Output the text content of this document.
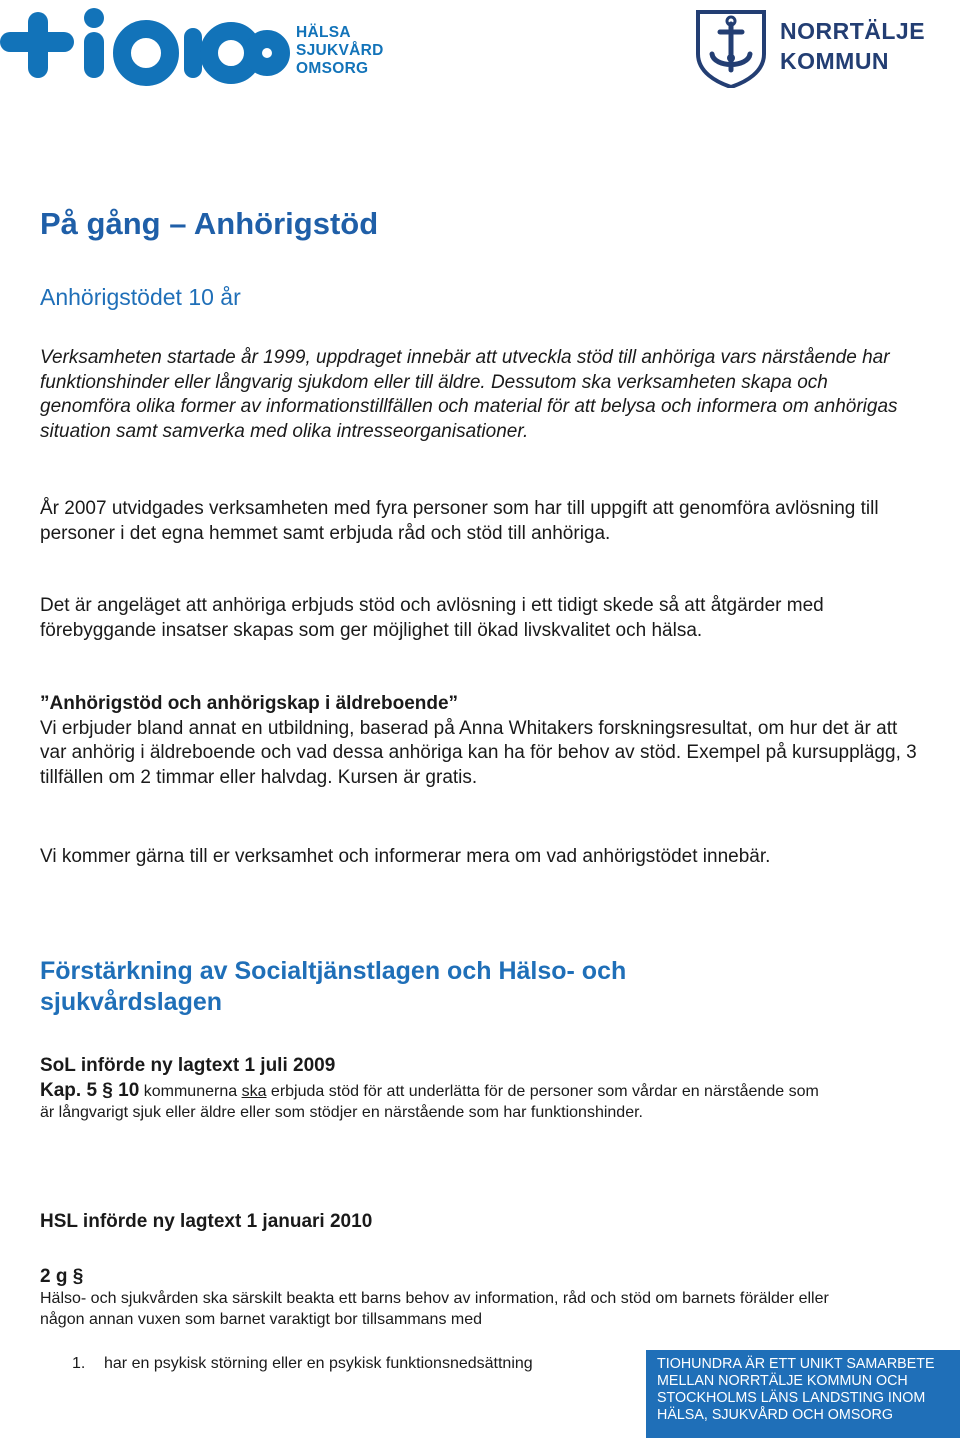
HÄLSA
SJUKVÅRD
OMSORG
NORRTÄLJE
KOMMUN
På gång – Anhörigstöd
Anhörigstödet 10 år

Verksamheten startade år 1999, uppdraget innebär att utveckla stöd till anhöriga vars närstående har funktionshinder eller långvarig sjukdom eller till äldre. Dessutom ska verksamheten skapa och genomföra olika former av informationstillfällen och material för att belysa och informera om anhörigas situation samt samverka med olika intresseorganisationer.

År 2007 utvidgades verksamheten med fyra personer som har till uppgift att genomföra avlösning till personer i det egna hemmet samt erbjuda råd och stöd till anhöriga.

Det är angeläget att anhöriga erbjuds stöd och avlösning i ett tidigt skede så att åtgärder med förebyggande insatser skapas som ger möjlighet till ökad livskvalitet och hälsa.

”Anhörigstöd och anhörigskap i äldreboende”
Vi erbjuder bland annat en utbildning, baserad på Anna Whitakers forskningsresultat, om hur det är att var anhörig i äldreboende och vad dessa anhöriga kan ha för behov av stöd. Exempel på kursupplägg, 3 tillfällen om 2 timmar eller halvdag. Kursen är gratis.

Vi kommer gärna till er verksamhet och informerar mera om vad anhörigstödet innebär.

Förstärkning av Socialtjänstlagen och Hälso- och sjukvårdslagen
SoL införde ny lagtext 1 juli 2009
Kap. 5 § 10 kommunerna ska erbjuda stöd för att underlätta för de personer som vårdar en närstående som är långvarigt sjuk eller äldre eller som stödjer en närstående som har funktionshinder.
HSL införde ny lagtext 1 januari 2010
2 g §
Hälso- och sjukvården ska särskilt beakta ett barns behov av information, råd och stöd om barnets förälder eller någon annan vuxen som barnet varaktigt bor tillsammans med
1. har en psykisk störning eller en psykisk funktionsnedsättning	TIOHUNDRA ÄR ETT UNIKT SAMARBETE
MELLAN NORRTÄLJE KOMMUN OCH
STOCKHOLMS LÄNS LANDSTING INOM
HÄLSA, SJUKVÅRD OCH OMSORG
